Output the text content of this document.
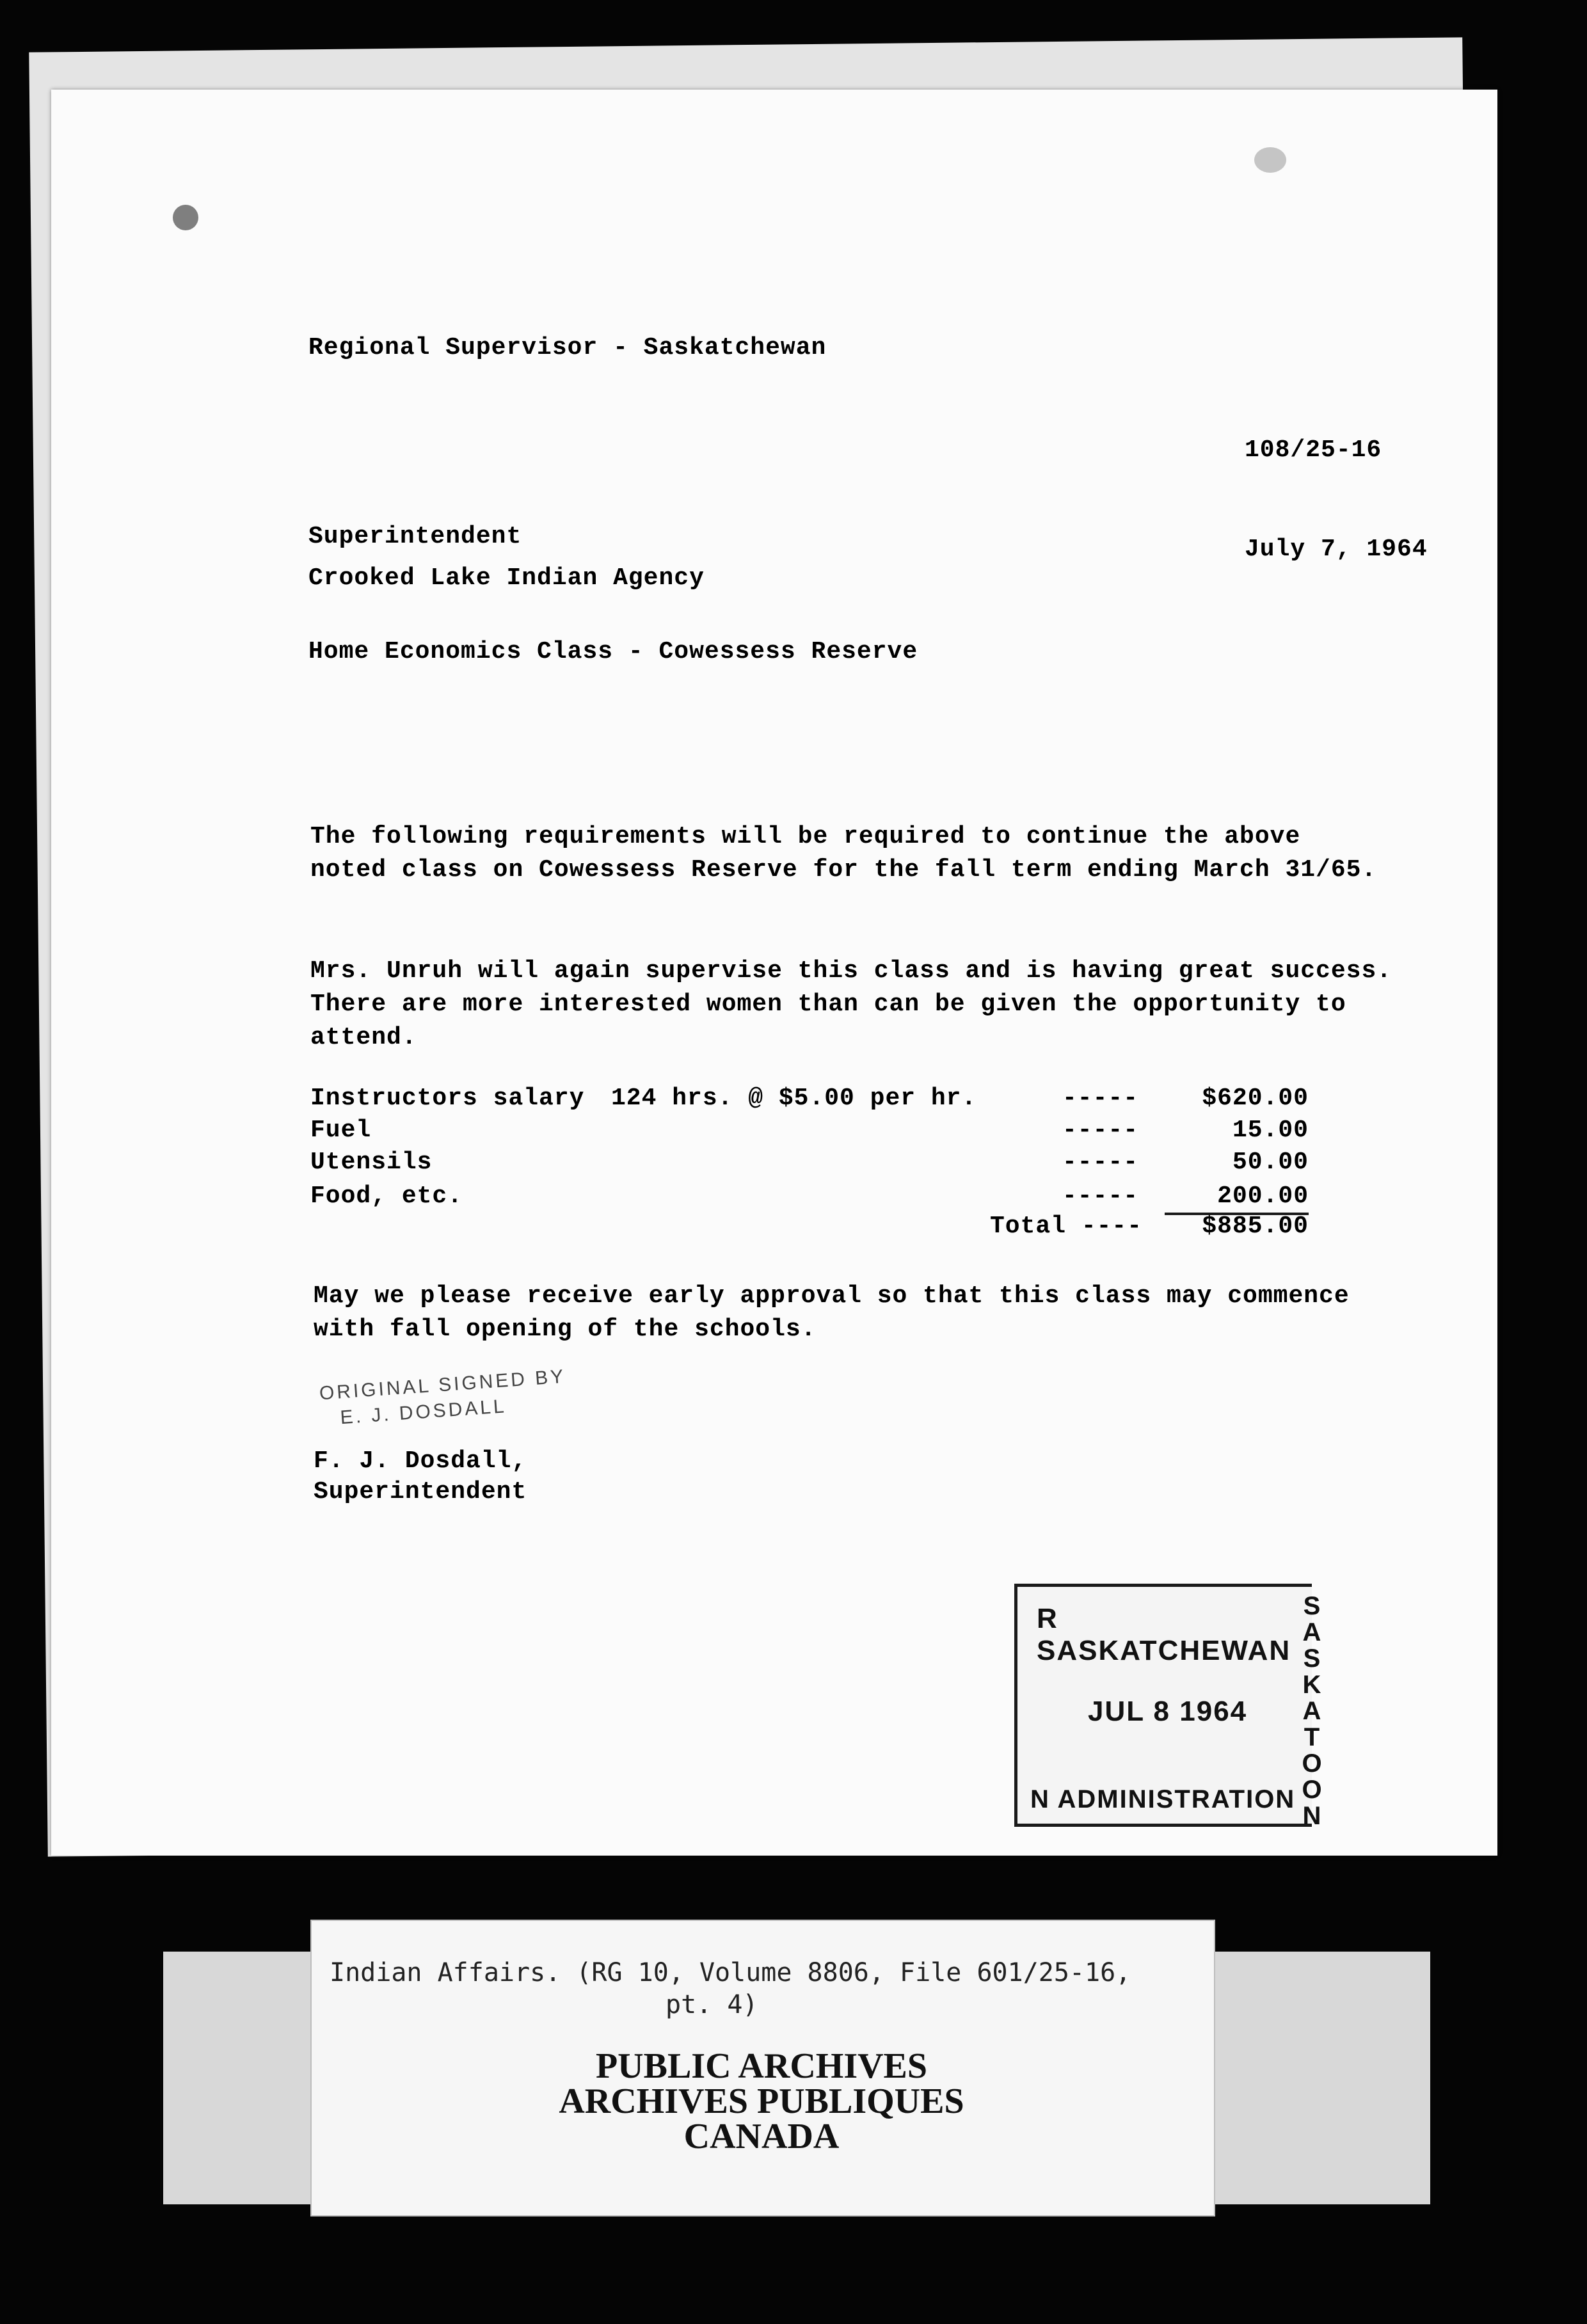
Regional Supervisor - Saskatchewan
108/25-16
Superintendent	July 7, 1964
Crooked Lake Indian Agency
Home Economics Class - Cowessess Reserve
The following requirements will be required to continue the above
noted class on Cowessess Reserve for the fall term ending March 31/65.
Mrs. Unruh will again supervise this class and is having great success.
There are more interested women than can be given the opportunity to
attend.
Instructors salary 124 hrs. @ $5.00 per hr.	-----	$620.00
Fuel	-----	15.00
Utensils	-----	50.00
Food, etc.	-----	200.00
Total ---- $885.00
May we please receive early approval so that this class may commence
with fall opening of the schools.
ORIGINAL SIGNED BY
E. J. DOSDALL
F. J. Dosdall,
Superintendent
R SASKATCHEWAN
JUL 8 1964
N ADMINISTRATION
S
A
S
K
A
T
O
O
N
Indian Affairs. (RG 10, Volume 8806, File 601/25-16,
pt. 4)
PUBLIC ARCHIVES
ARCHIVES PUBLIQUES
CANADA
